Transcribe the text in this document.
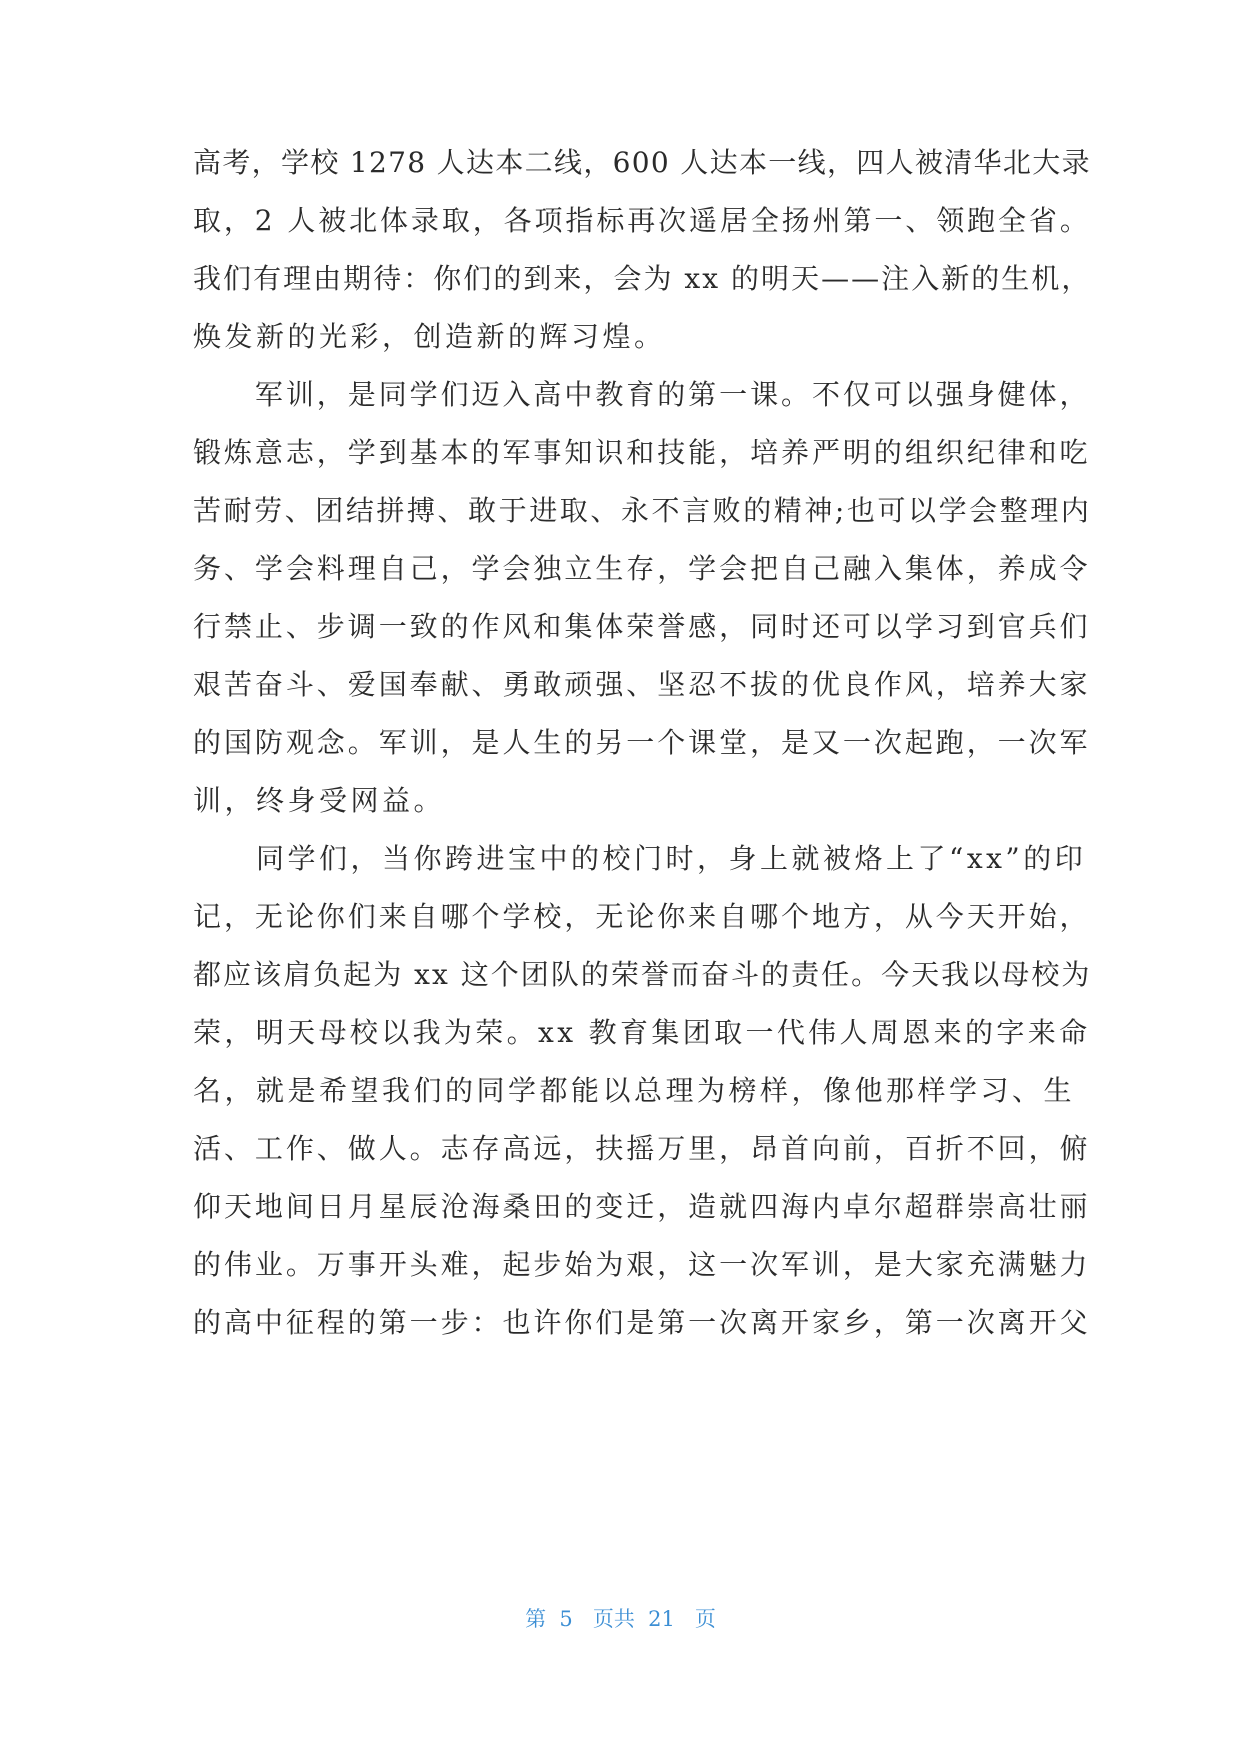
高考，学校 1278 人达本二线，600 人达本一线，四人被清华北大录
取，2 人被北体录取，各项指标再次遥居全扬州第一、领跑全省。
我们有理由期待：你们的到来，会为 xx 的明天——注入新的生机，
焕发新的光彩，创造新的辉习煌。
　　军训，是同学们迈入高中教育的第一课。不仅可以强身健体，
锻炼意志，学到基本的军事知识和技能，培养严明的组织纪律和吃
苦耐劳、团结拼搏、敢于进取、永不言败的精神;也可以学会整理内
务、学会料理自己，学会独立生存，学会把自己融入集体，养成令
行禁止、步调一致的作风和集体荣誉感，同时还可以学习到官兵们
艰苦奋斗、爱国奉献、勇敢顽强、坚忍不拔的优良作风，培养大家
的国防观念。军训，是人生的另一个课堂，是又一次起跑，一次军
训，终身受网益。
　　同学们，当你跨进宝中的校门时，身上就被烙上了“xx”的印
记，无论你们来自哪个学校，无论你来自哪个地方，从今天开始，
都应该肩负起为 xx 这个团队的荣誉而奋斗的责任。今天我以母校为
荣，明天母校以我为荣。xx 教育集团取一代伟人周恩来的字来命
名，就是希望我们的同学都能以总理为榜样，像他那样学习、生
活、工作、做人。志存高远，扶摇万里，昂首向前，百折不回，俯
仰天地间日月星辰沧海桑田的变迁，造就四海内卓尔超群崇高壮丽
的伟业。万事开头难，起步始为艰，这一次军训，是大家充满魅力
的高中征程的第一步：也许你们是第一次离开家乡，第一次离开父
第  5   页共  21   页
